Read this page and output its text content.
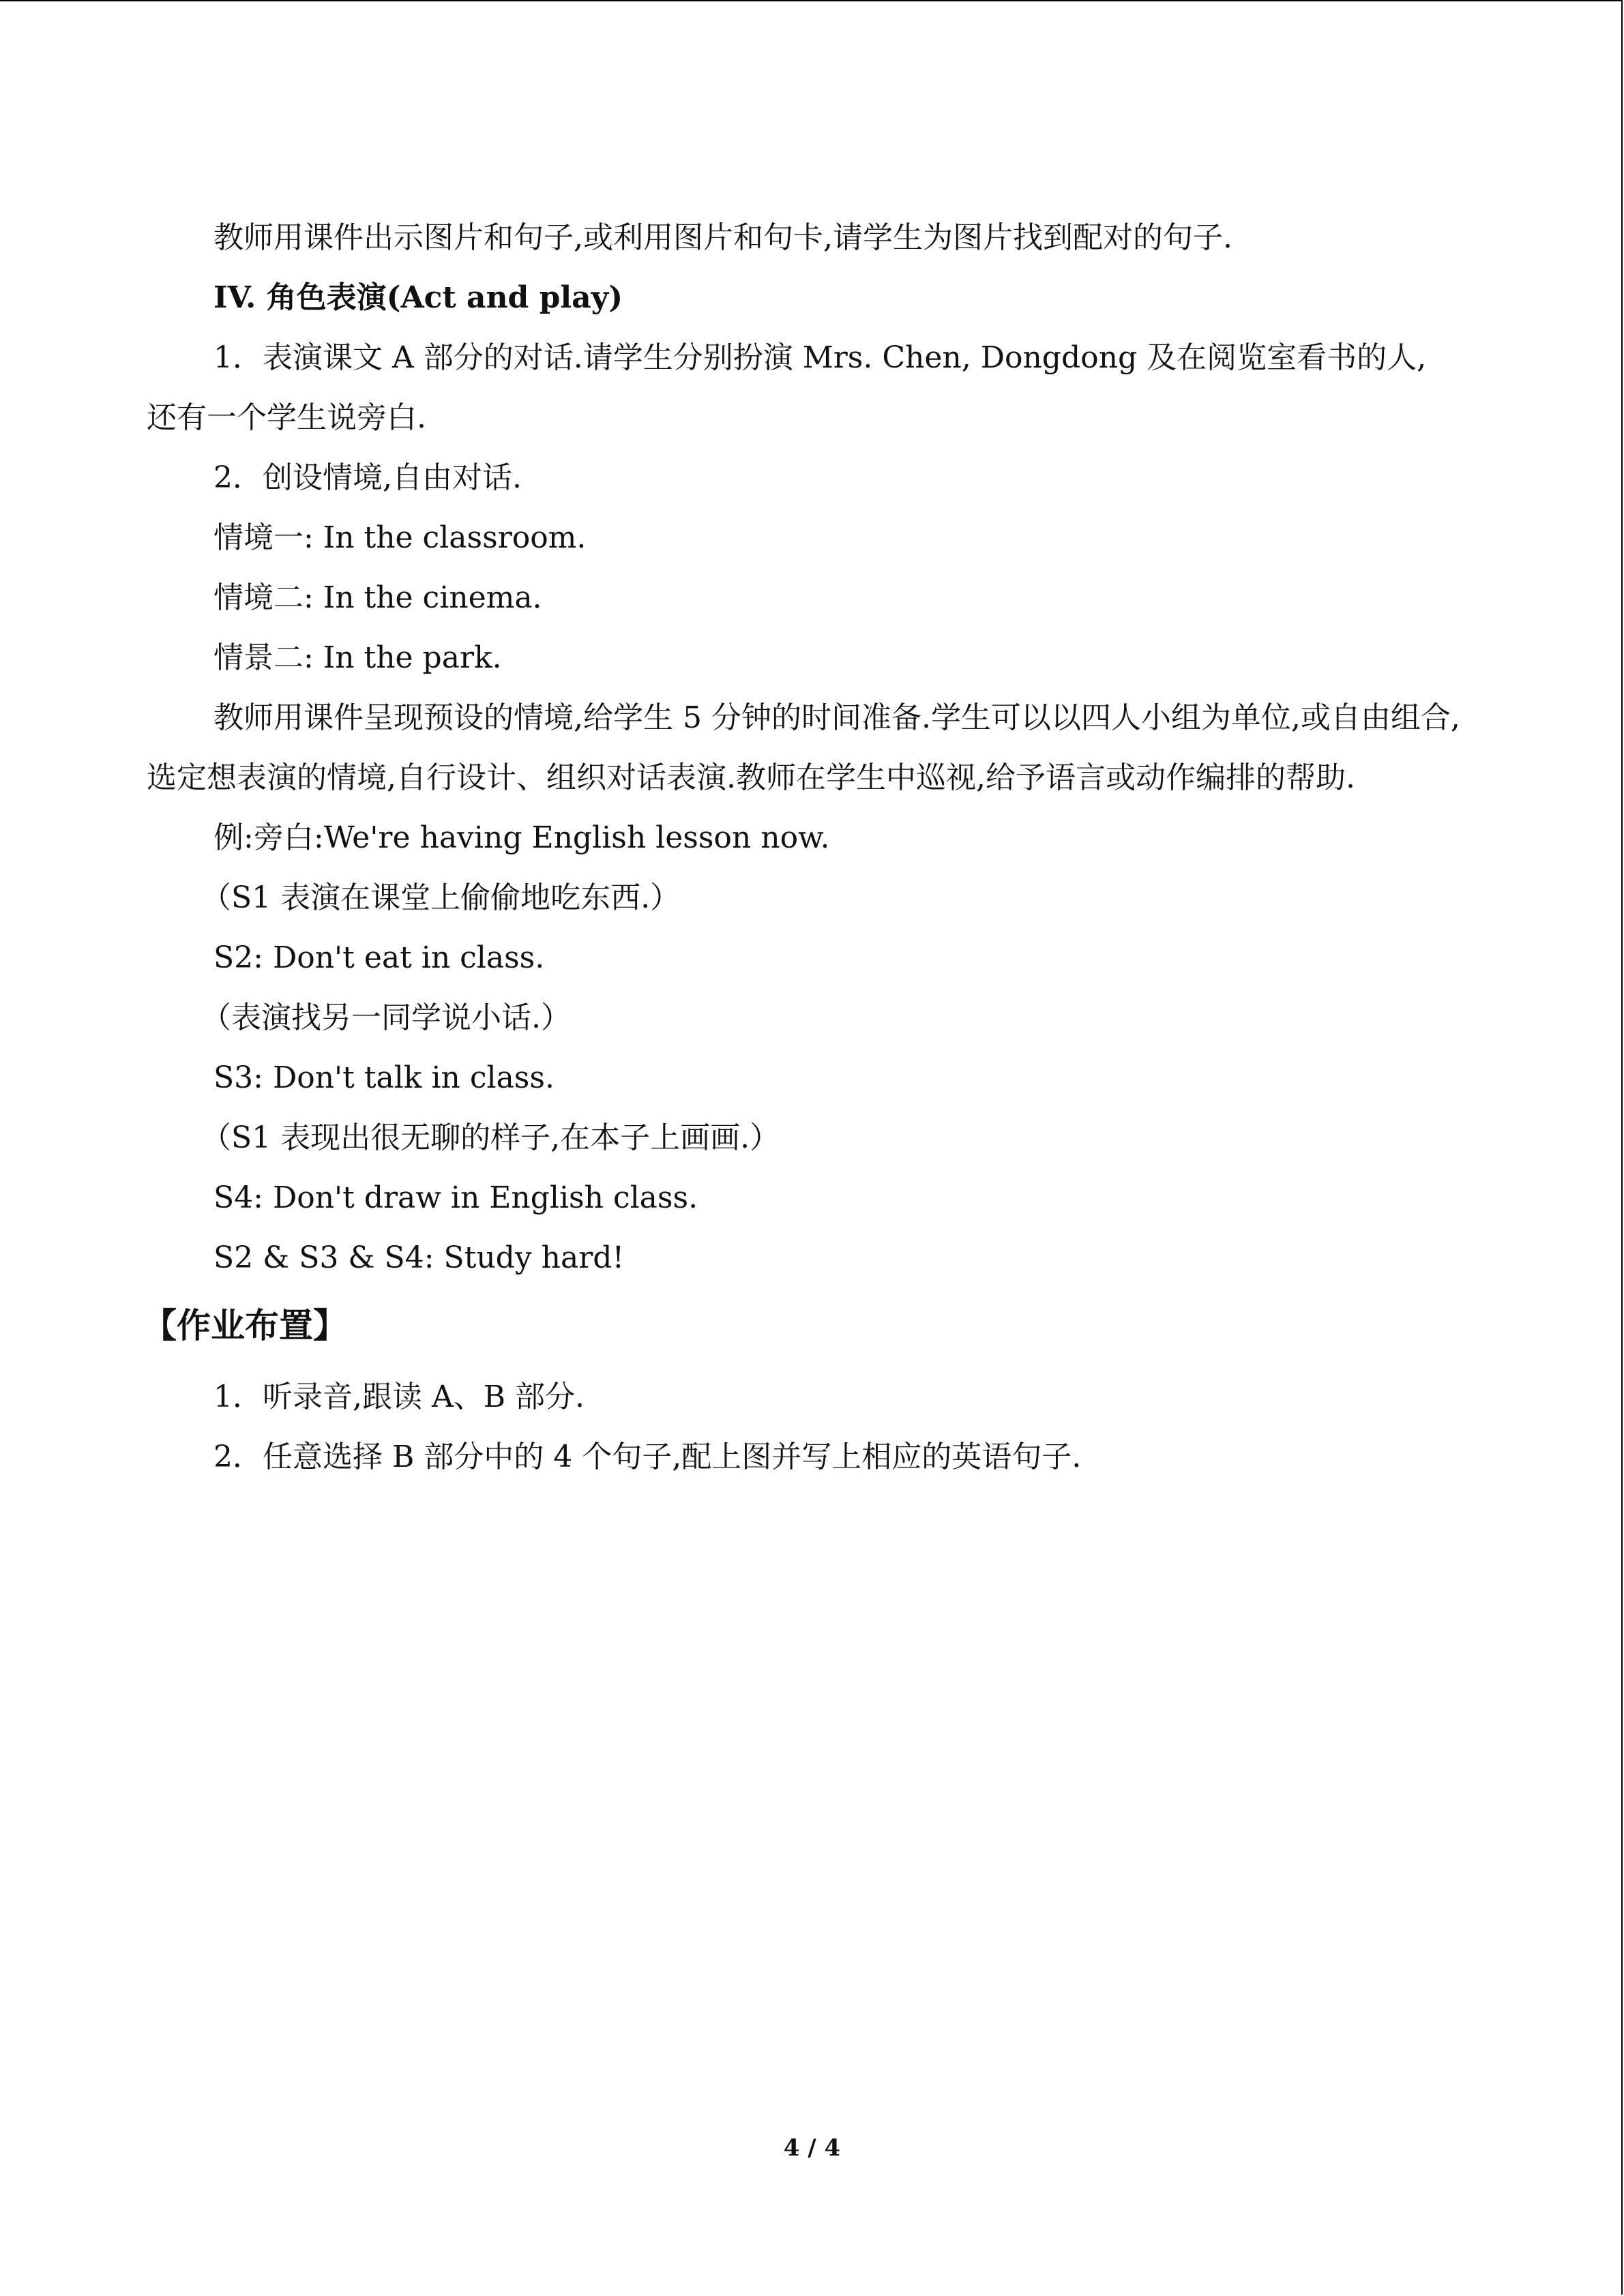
教师用课件出示图片和句子,或利用图片和句卡,请学生为图片找到配对的句子.
IV. 角色表演(Act and play)
1．表演课文 A 部分的对话.请学生分别扮演 Mrs. Chen, Dongdong 及在阅览室看书的人,
还有一个学生说旁白.
2．创设情境,自由对话.
情境一: In the classroom.
情境二: In the cinema．
情景二: In the park.
教师用课件呈现预设的情境,给学生 5 分钟的时间准备.学生可以以四人小组为单位,或自由组合,选定想表演的情境,自行设计、组织对话表演.教师在学生中巡视,给予语言或动作编排的帮助.
例:旁白:We're having English lesson now.
（S1 表演在课堂上偷偷地吃东西.）
S2: Don't eat in class.
（表演找另一同学说小话.）
S3: Don't talk in class.
（S1 表现出很无聊的样子,在本子上画画.）
S4: Don't draw in English class.
S2 & S3 & S4: Study hard!
【作业布置】
1．听录音,跟读 A、B 部分.
2．任意选择 B 部分中的 4 个句子,配上图并写上相应的英语句子.
4 / 4
